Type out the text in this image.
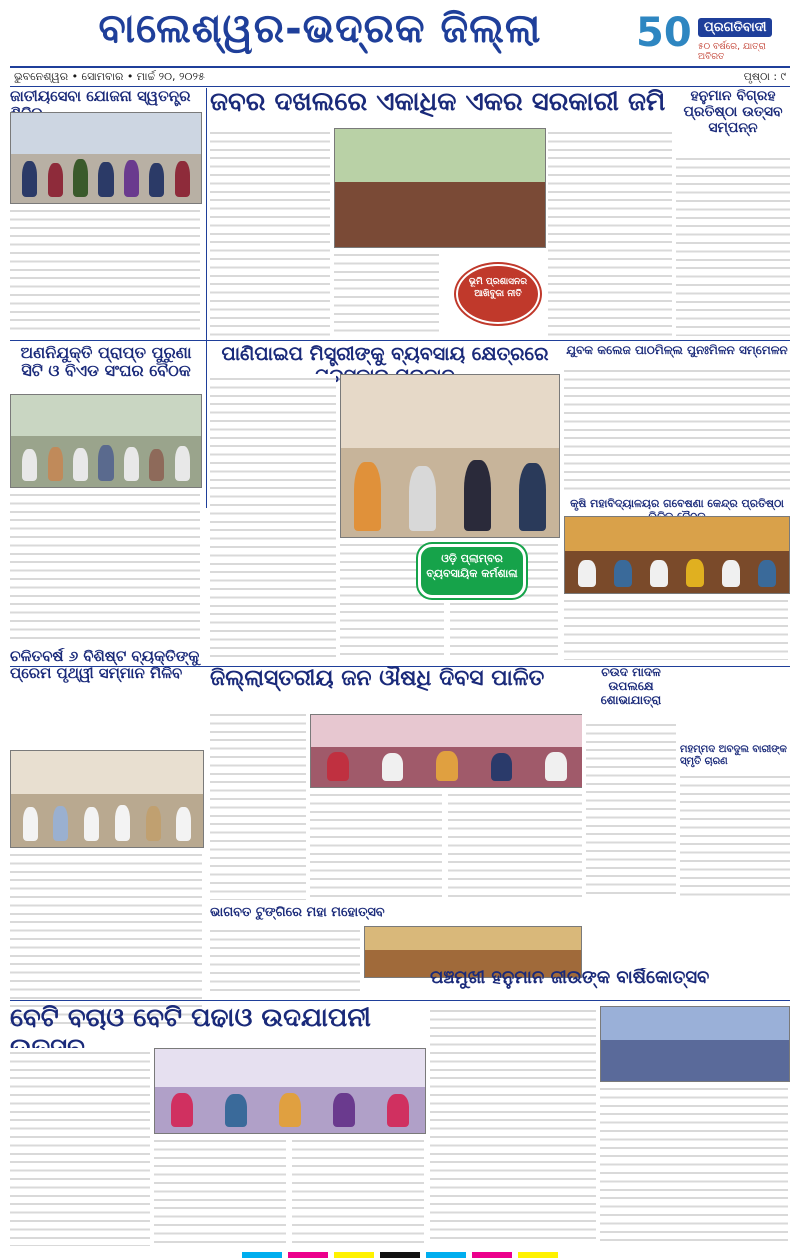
ବାଲେଶ୍ୱର-ଭଦ୍ରକ ଜିଲ୍ଲା	50 ପ୍ରଗତିବାଦୀ
୫୦ ବର୍ଷରେ, ଯାତ୍ରା ଅବିରତ
ଭୁବନେଶ୍ୱର • ସୋମବାର • ମାର୍ଚ୍ଚ ୨୦, ୨୦୨୫	ପୃଷ୍ଠା : ୯
ଜାତୀୟସେବା ଯୋଜନା ସ୍ୱତନ୍ତ୍ର ଜବର ଦଖଲରେ ଏକାଧିକ ଏକର ସରକାରୀ ଜମି
ଭୂମି ପ୍ରଶାସନର ଆଖିବୁଜା ନୀତି
ହନୁମାନ ବିଗ୍ରହ ପ୍ରତିଷ୍ଠା ଉତ୍ସବ ସମ୍ପନ୍ନ
ଅଣନିଯୁକ୍ତି ପ୍ରାପ୍ତ ପୁରୁଣା ସିଟି ଓ ବିଏଡ ସଂଘର ବୈଠକ
ପାଣିପାଇପ ମିସ୍ତ୍ରୀଙ୍କୁ ବ୍ୟବସାୟ କ୍ଷେତ୍ରରେ
ଓଡ଼ି ପ୍ଲାମ୍ବର ବ୍ୟବସାୟିକ କର୍ମଶାଳା
ଯୁବକ କଲେଜ ପାଠମିଳ୍ଲ ପୁନଃମିଳନ ସମ୍ମେଳନ
କୃଷି ମହାବିଦ୍ୟାଳୟର ଗବେଷଣା କେନ୍ଦ୍ର ପ୍ରତିଷ୍ଠା
ଚଳିତବର୍ଷ ୬ ବିଶିଷ୍ଟ ବ୍ୟକ୍ତିଙ୍କୁ ପ୍ରେମ ପୃଥ୍ୱୀ ସମ୍ମାନ ମିଳିବ	ଜିଲ୍ଲାସ୍ତରୀୟ ଜନ ଔଷଧି ଦିବସ ପାଳିତ	ଚଉଦ ମାଦଳ ଉପଲକ୍ଷେ ଶୋଭାଯାତ୍ରା
ମହମ୍ମଦ ଅବଦୁଲ ବାରୀଙ୍କ ସ୍ମୃତି ଚାରଣ
ଭାଗବତ ଟୁଙ୍ଗିରେ ମହା ମହୋତ୍ସବ
ପଞ୍ଚମୁଖୀ ହନୁମାନ ଜୀଉଙ୍କ ବାର୍ଷିକୋତ୍ସବ
ବେଟି ବଚାଓ ବେଟି ପଢାଓ ଉଦଯାପନୀ
